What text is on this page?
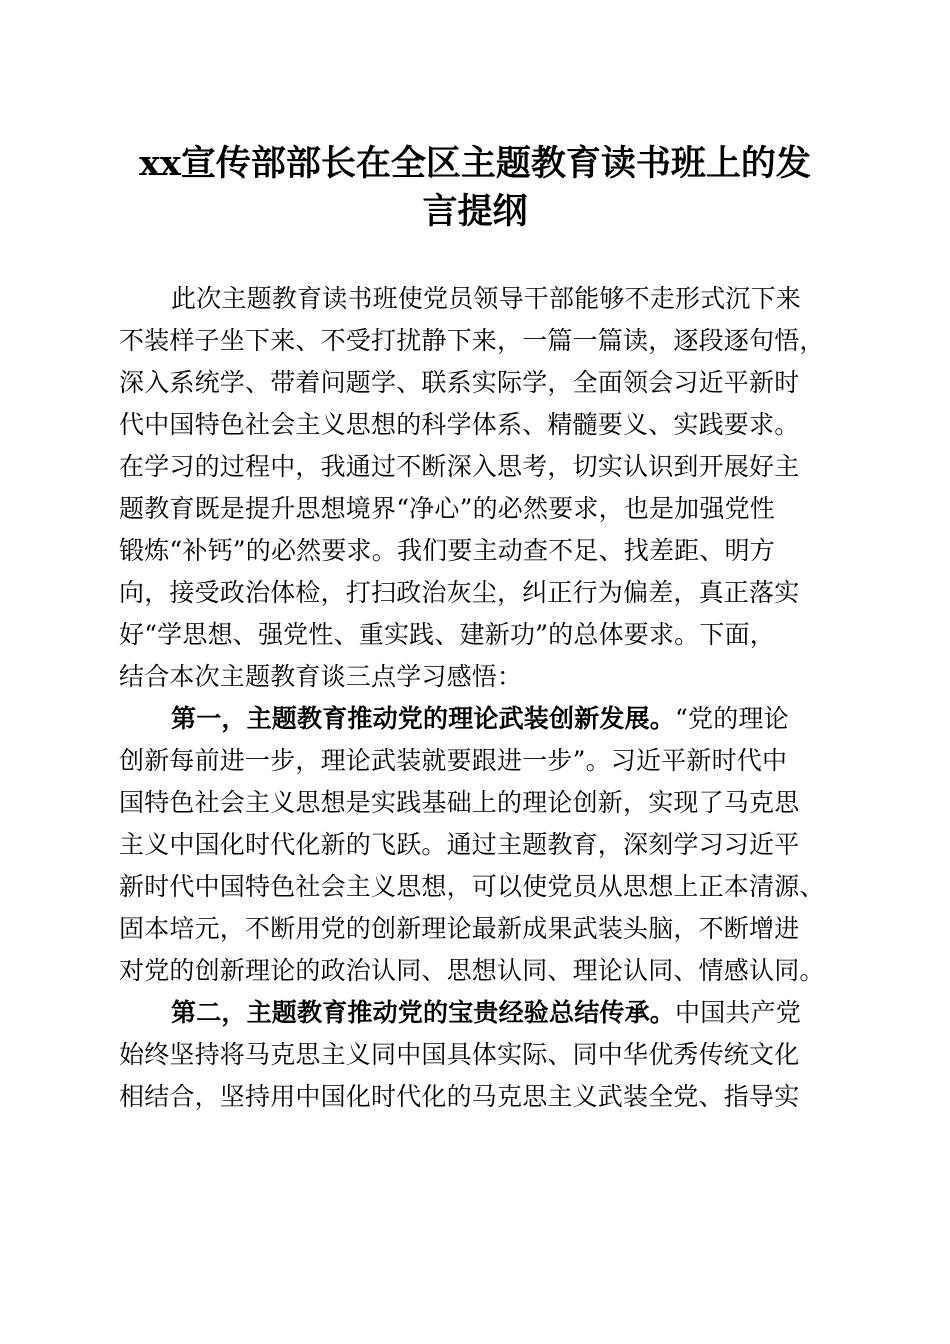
xx宣传部部长在全区主题教育读书班上的发
言提纲
此次主题教育读书班使党员领导干部能够不走形式沉下来
不装样子坐下来、不受打扰静下来，一篇一篇读，逐段逐句悟，
深入系统学、带着问题学、联系实际学，全面领会习近平新时
代中国特色社会主义思想的科学体系、精髓要义、实践要求。
在学习的过程中，我通过不断深入思考，切实认识到开展好主
题教育既是提升思想境界“净心”的必然要求，也是加强党性
锻炼“补钙”的必然要求。我们要主动查不足、找差距、明方
向，接受政治体检，打扫政治灰尘，纠正行为偏差，真正落实
好“学思想、强党性、重实践、建新功”的总体要求。下面，
结合本次主题教育谈三点学习感悟：
第一，主题教育推动党的理论武装创新发展。“党的理论
创新每前进一步，理论武装就要跟进一步”。习近平新时代中
国特色社会主义思想是实践基础上的理论创新，实现了马克思
主义中国化时代化新的飞跃。通过主题教育，深刻学习习近平
新时代中国特色社会主义思想，可以使党员从思想上正本清源、
固本培元，不断用党的创新理论最新成果武装头脑，不断增进
对党的创新理论的政治认同、思想认同、理论认同、情感认同。
第二，主题教育推动党的宝贵经验总结传承。中国共产党
始终坚持将马克思主义同中国具体实际、同中华优秀传统文化
相结合，坚持用中国化时代化的马克思主义武装全党、指导实
